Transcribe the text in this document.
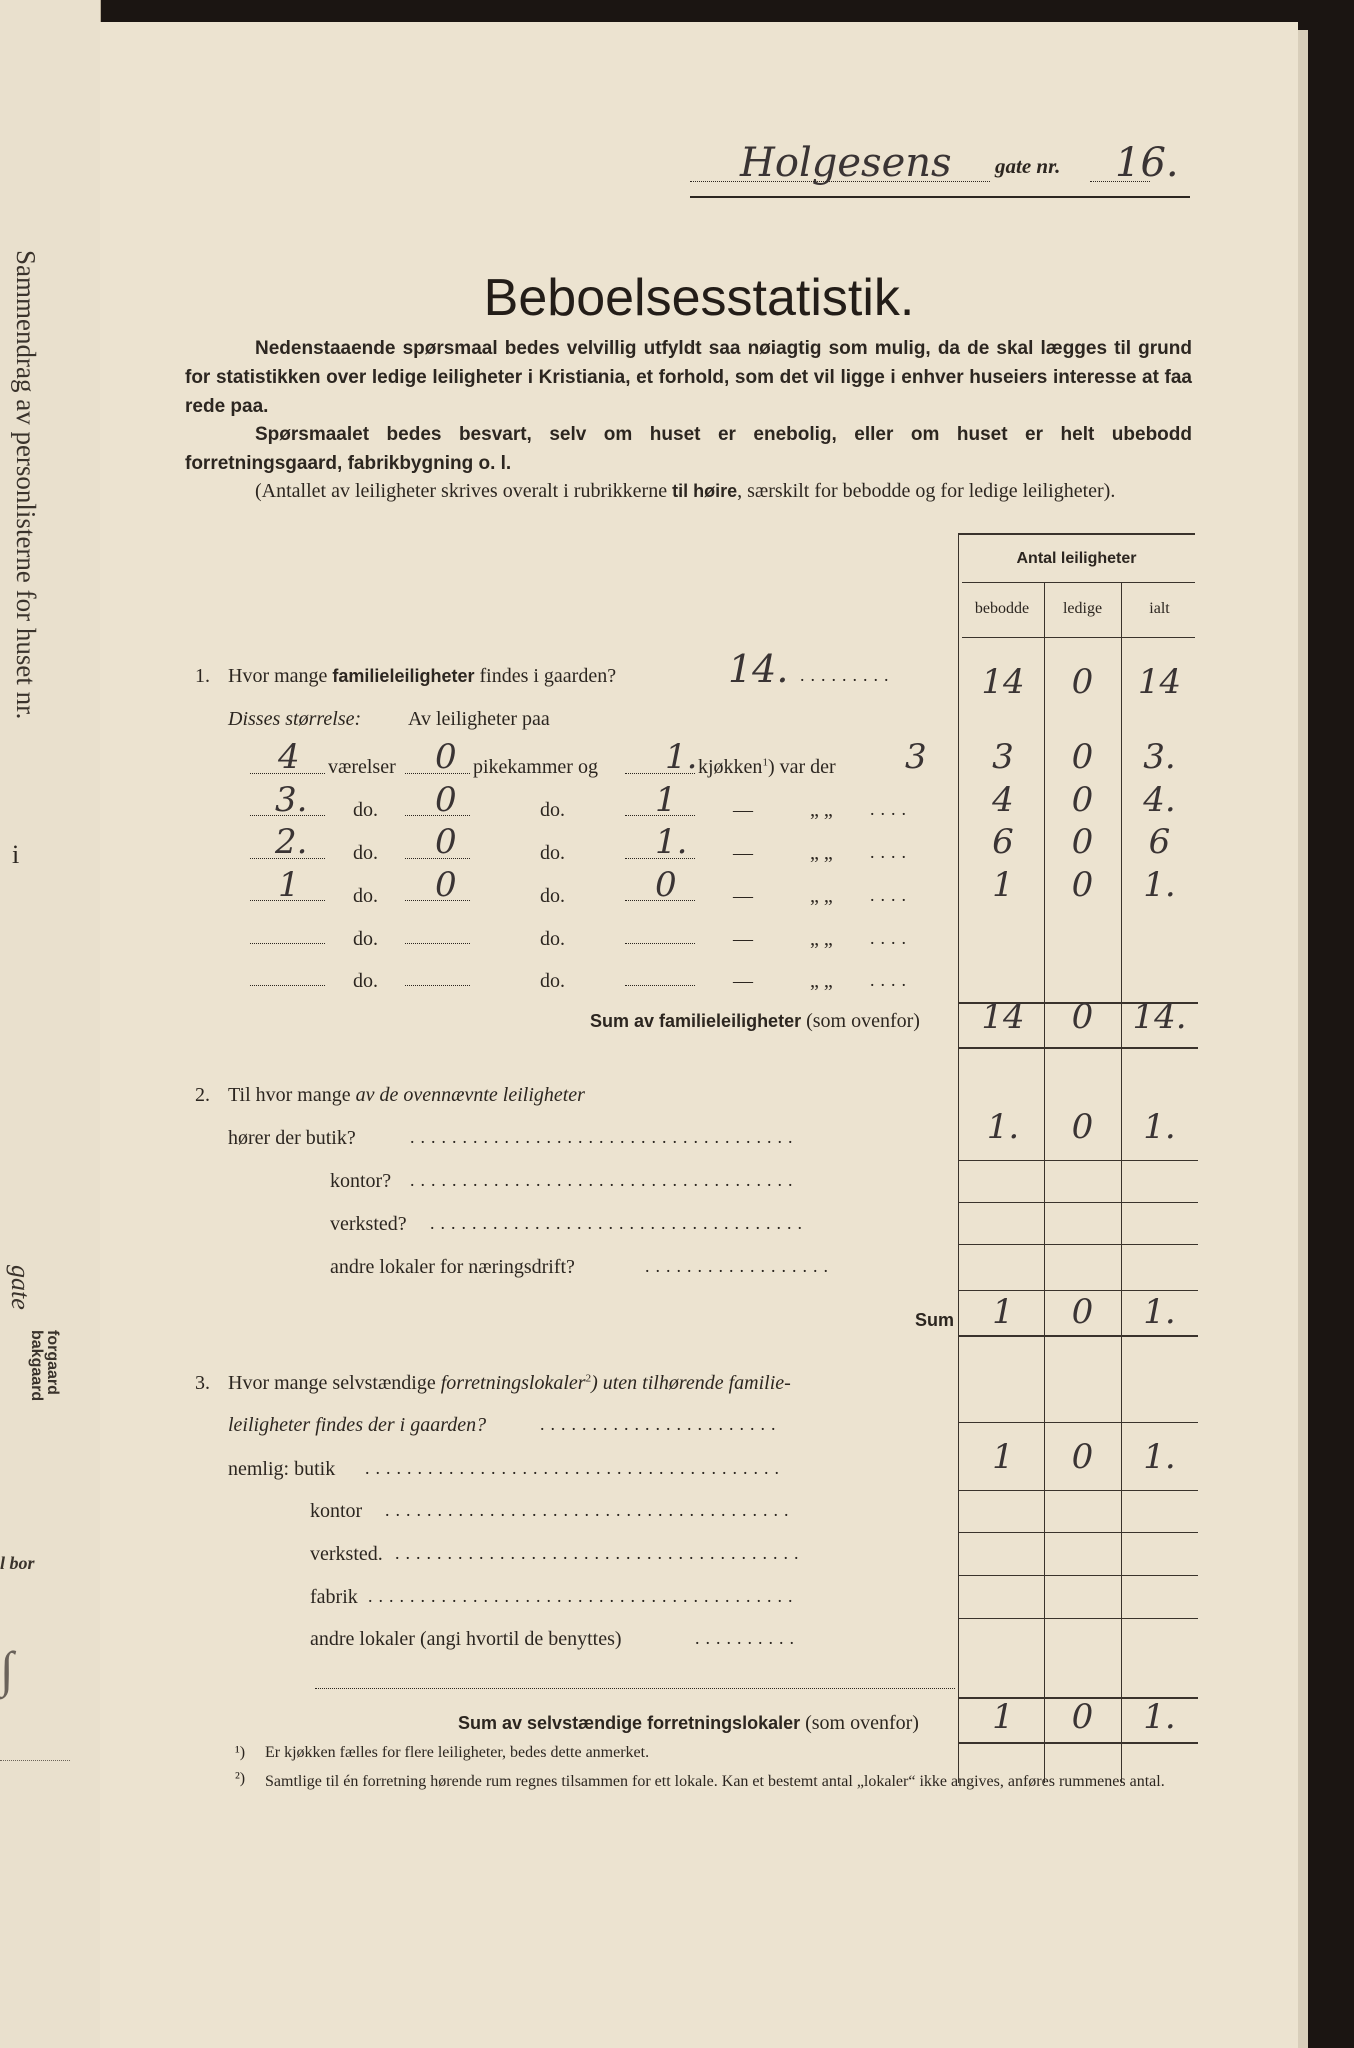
Sammendrag av personlisterne for huset nr.
i
gate
forgaard
bakgaard
l bor
∫
Holgesens gate nr. 16.
Beboelsesstatistik.
Nedenstaaende spørsmaal bedes velvillig utfyldt saa nøiagtig som mulig, da de skal lægges til grund for statistikken over ledige leiligheter i Kristiania, et forhold, som det vil ligge i enhver huseiers interesse at faa rede paa.
Spørsmaalet bedes besvart, selv om huset er enebolig, eller om huset er helt ubebodd forretningsgaard, fabrikbygning o. l.
(Antallet av leiligheter skrives overalt i rubrikkerne til høire, særskilt for bebodde og for ledige leiligheter).
Antal leiligheter
bebodde	ledige	ialt
1. Hvor mange familieleiligheter findes i gaarden?	14. .........	14	0	14
Disses størrelse: Av leiligheter paa
4 værelser 0 pikekammer og 1. kjøkken$^1$) var der 3	3	0	3.
3. do. 0	do.	1	—	„ „ ....	4	0	4.
2. do. 0	do.	1. —	„ „ ....	6	0	6
1	do. 0	do.	0	—	„ „ ....	1	0	1.
do.	do.	—	„ „ ....
do.	do.	—	„ „ ....
Sum av familieleiligheter (som ovenfor)	14	0	14.
2. Til hvor mange av de ovennævnte leiligheter
hører der butik?	.....................................	1.	0	1.
kontor? .....................................
verksted? ....................................
andre lokaler for næringsdrift?	..................
Sum	1	0	1.
3. Hvor mange selvstændige forretningslokaler$^2$) uten tilhørende familie-
leiligheter findes der i gaarden?	.......................
nemlig: butik ........................................	1	0	1.
kontor .......................................
verksted. .......................................
fabrik .........................................
andre lokaler (angi hvortil de benyttes)	..........
Sum av selvstændige forretningslokaler (som ovenfor)	1	0	1.
¹) Er kjøkken fælles for flere leiligheter, bedes dette anmerket.
²) Samtlige til én forretning hørende rum regnes tilsammen for ett lokale. Kan et bestemt antal „lokaler“ ikke angives, anføres rummenes antal.
